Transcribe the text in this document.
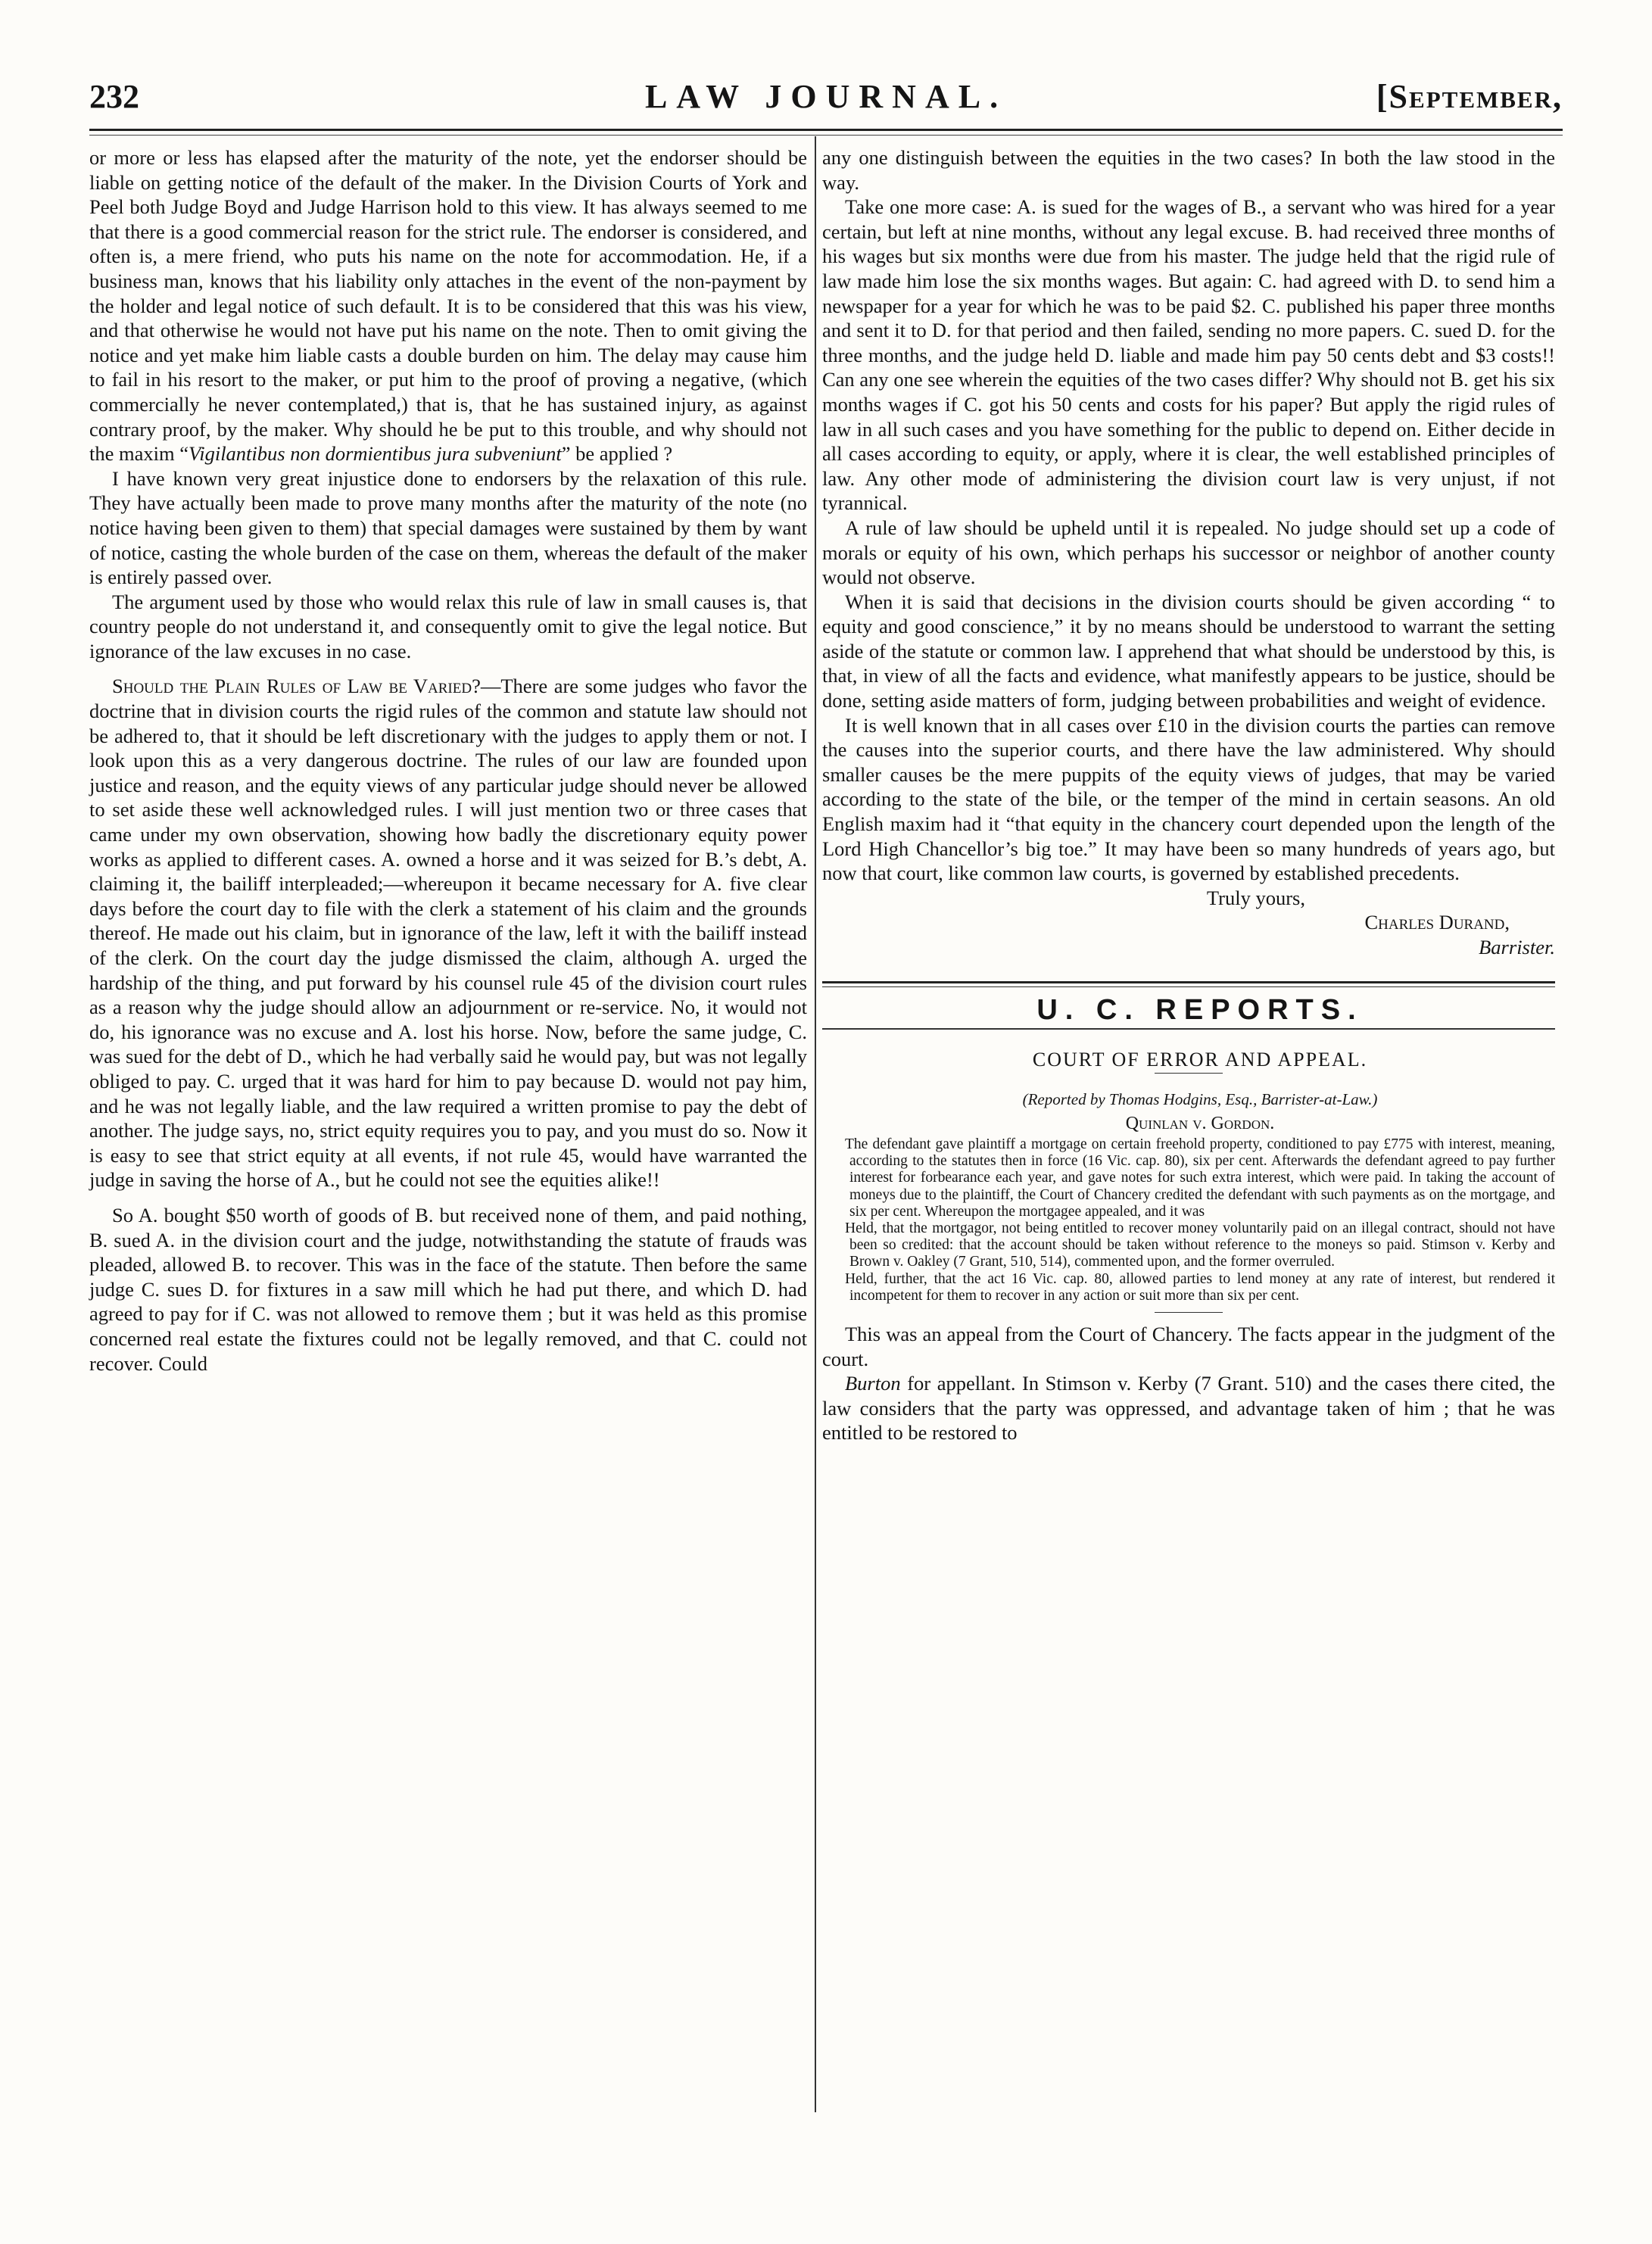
232	LAW JOURNAL.	[September,

or more or less has elapsed after the maturity of the note, yet the endorser should be liable on getting notice of the default of the maker. In the Division Courts of York and Peel both Judge Boyd and Judge Harrison hold to this view. It has always seemed to me that there is a good commercial reason for the strict rule. The endorser is considered, and often is, a mere friend, who puts his name on the note for accommodation. He, if a business man, knows that his liability only attaches in the event of the non-payment by the holder and legal notice of such default. It is to be considered that this was his view, and that otherwise he would not have put his name on the note. Then to omit giving the notice and yet make him liable casts a double burden on him. The delay may cause him to fail in his resort to the maker, or put him to the proof of proving a negative, (which commercially he never contemplated,) that is, that he has sustained injury, as against contrary proof, by the maker. Why should he be put to this trouble, and why should not the maxim “Vigilantibus non dormientibus jura subveniunt” be applied ?

I have known very great injustice done to endorsers by the relaxation of this rule. They have actually been made to prove many months after the maturity of the note (no notice having been given to them) that special damages were sustained by them by want of notice, casting the whole burden of the case on them, whereas the default of the maker is entirely passed over.

The argument used by those who would relax this rule of law in small causes is, that country people do not understand it, and consequently omit to give the legal notice. But ignorance of the law excuses in no case.

Should the Plain Rules of Law be Varied?—There are some judges who favor the doctrine that in division courts the rigid rules of the common and statute law should not be adhered to, that it should be left discretionary with the judges to apply them or not. I look upon this as a very dangerous doctrine. The rules of our law are founded upon justice and reason, and the equity views of any particular judge should never be allowed to set aside these well acknowledged rules. I will just mention two or three cases that came under my own observation, showing how badly the discretionary equity power works as applied to different cases. A. owned a horse and it was seized for B.’s debt, A. claiming it, the bailiff interpleaded;—whereupon it became necessary for A. five clear days before the court day to file with the clerk a statement of his claim and the grounds thereof. He made out his claim, but in ignorance of the law, left it with the bailiff instead of the clerk. On the court day the judge dismissed the claim, although A. urged the hardship of the thing, and put forward by his counsel rule 45 of the division court rules as a reason why the judge should allow an adjournment or re-service. No, it would not do, his ignorance was no excuse and A. lost his horse. Now, before the same judge, C. was sued for the debt of D., which he had verbally said he would pay, but was not legally obliged to pay. C. urged that it was hard for him to pay because D. would not pay him, and he was not legally liable, and the law required a written promise to pay the debt of another. The judge says, no, strict equity requires you to pay, and you must do so. Now it is easy to see that strict equity at all events, if not rule 45, would have warranted the judge in saving the horse of A., but he could not see the equities alike!!

So A. bought $50 worth of goods of B. but received none of them, and paid nothing, B. sued A. in the division court and the judge, notwithstanding the statute of frauds was pleaded, allowed B. to recover. This was in the face of the statute. Then before the same judge C. sues D. for fixtures in a saw mill which he had put there, and which D. had agreed to pay for if C. was not allowed to remove them ; but it was held as this promise concerned real estate the fixtures could not be legally removed, and that C. could not recover. Could

any one distinguish between the equities in the two cases? In both the law stood in the way.

Take one more case: A. is sued for the wages of B., a servant who was hired for a year certain, but left at nine months, without any legal excuse. B. had received three months of his wages but six months were due from his master. The judge held that the rigid rule of law made him lose the six months wages. But again: C. had agreed with D. to send him a newspaper for a year for which he was to be paid $2. C. published his paper three months and sent it to D. for that period and then failed, sending no more papers. C. sued D. for the three months, and the judge held D. liable and made him pay 50 cents debt and $3 costs!! Can any one see wherein the equities of the two cases differ? Why should not B. get his six months wages if C. got his 50 cents and costs for his paper? But apply the rigid rules of law in all such cases and you have something for the public to depend on. Either decide in all cases according to equity, or apply, where it is clear, the well established principles of law. Any other mode of administering the division court law is very unjust, if not tyrannical.

A rule of law should be upheld until it is repealed. No judge should set up a code of morals or equity of his own, which perhaps his successor or neighbor of another county would not observe.

When it is said that decisions in the division courts should be given according “ to equity and good conscience,” it by no means should be understood to warrant the setting aside of the statute or common law. I apprehend that what should be understood by this, is that, in view of all the facts and evidence, what manifestly appears to be justice, should be done, setting aside matters of form, judging between probabilities and weight of evidence.

It is well known that in all cases over £10 in the division courts the parties can remove the causes into the superior courts, and there have the law administered. Why should smaller causes be the mere puppits of the equity views of judges, that may be varied according to the state of the bile, or the temper of the mind in certain seasons. An old English maxim had it “that equity in the chancery court depended upon the length of the Lord High Chancellor’s big toe.” It may have been so many hundreds of years ago, but now that court, like common law courts, is governed by established precedents.

Truly yours,

Charles Durand,

Barrister.

U. C. REPORTS.

COURT OF ERROR AND APPEAL.

(Reported by Thomas Hodgins, Esq., Barrister-at-Law.)

Quinlan v. Gordon.

The defendant gave plaintiff a mortgage on certain freehold property, conditioned to pay £775 with interest, meaning, according to the statutes then in force (16 Vic. cap. 80), six per cent. Afterwards the defendant agreed to pay further interest for forbearance each year, and gave notes for such extra interest, which were paid. In taking the account of moneys due to the plaintiff, the Court of Chancery credited the defendant with such payments as on the mortgage, and six per cent. Whereupon the mortgagee appealed, and it was

Held, that the mortgagor, not being entitled to recover money voluntarily paid on an illegal contract, should not have been so credited: that the account should be taken without reference to the moneys so paid. Stimson v. Kerby and Brown v. Oakley (7 Grant, 510, 514), commented upon, and the former overruled.

Held, further, that the act 16 Vic. cap. 80, allowed parties to lend money at any rate of interest, but rendered it incompetent for them to recover in any action or suit more than six per cent.

This was an appeal from the Court of Chancery. The facts appear in the judgment of the court.

Burton for appellant. In Stimson v. Kerby (7 Grant. 510) and the cases there cited, the law considers that the party was oppressed, and advantage taken of him ; that he was entitled to be restored to
